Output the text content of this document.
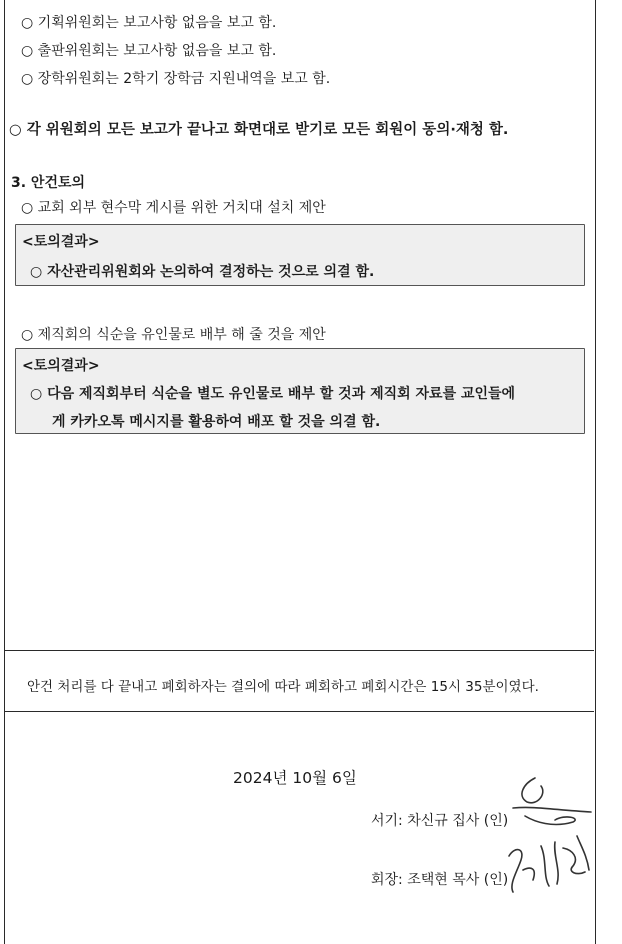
○ 기획위원회는 보고사항 없음을 보고 함.
○ 출판위원회는 보고사항 없음을 보고 함.
○ 장학위원회는 2학기 장학금 지원내역을 보고 함.
○ 각 위원회의 모든 보고가 끝나고 화면대로 받기로 모든 회원이 동의·재청 함.
3. 안건토의
○ 교회 외부 현수막 게시를 위한 거치대 설치 제안
<토의결과>
○ 자산관리위원회와 논의하여 결정하는 것으로 의결 함.
○ 제직회의 식순을 유인물로 배부 해 줄 것을 제안
<토의결과>
○ 다음 제직회부터 식순을 별도 유인물로 배부 할 것과 제직회 자료를 교인들에
게 카카오톡 메시지를 활용하여 배포 할 것을 의결 함.
안건 처리를 다 끝내고 폐회하자는 결의에 따라 폐회하고 폐회시간은 15시 35분이였다.
2024년 10월 6일
서기: 차신규 집사 (인)
회장: 조택현 목사 (인)
